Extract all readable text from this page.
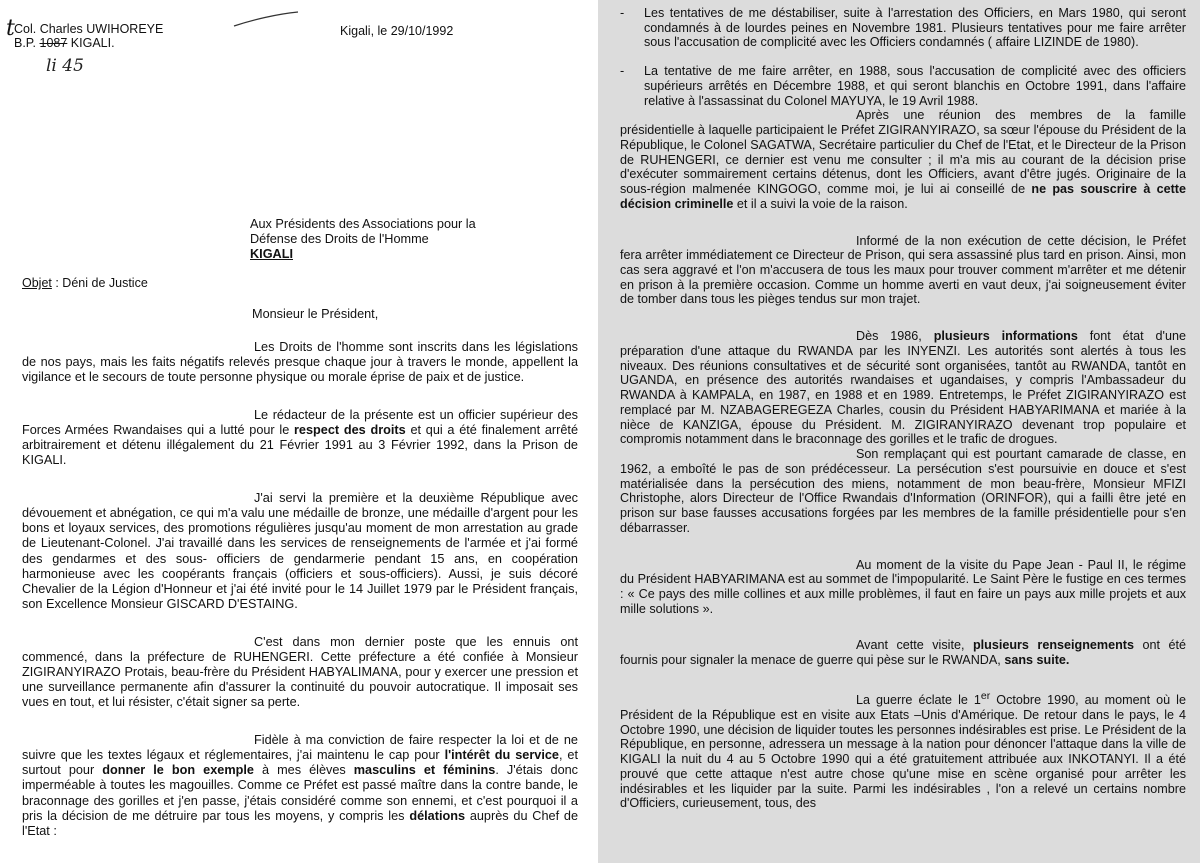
t Col. Charles UWIHOREYE
B.P. 1087 KIGALI.
li 45
Kigali, le 29/10/1992
Aux Présidents des Associations pour la
Défense des Droits de l'Homme
KIGALI
Objet : Déni de Justice
Monsieur le Président,

Les Droits de l'homme sont inscrits dans les législations de nos pays, mais les faits négatifs relevés presque chaque jour à travers le monde, appellent la vigilance et le secours de toute personne physique ou morale éprise de paix et de justice.

Le rédacteur de la présente est un officier supérieur des Forces Armées Rwandaises qui a lutté pour le respect des droits et qui a été finalement arrêté arbitrairement et détenu illégalement du 21 Février 1991 au 3 Février 1992, dans la Prison de KIGALI.

J'ai servi la première et la deuxième République avec dévouement et abnégation, ce qui m'a valu une médaille de bronze, une médaille d'argent pour les bons et loyaux services, des promotions régulières jusqu'au moment de mon arrestation au grade de Lieutenant-Colonel. J'ai travaillé dans les services de renseignements de l'armée et j'ai formé des gendarmes et des sous- officiers de gendarmerie pendant 15 ans, en coopération harmonieuse avec les coopérants français (officiers et sous-officiers). Aussi, je suis décoré Chevalier de la Légion d'Honneur et j'ai été invité pour le 14 Juillet 1979 par le Président français, son Excellence Monsieur GISCARD D'ESTAING.

C'est dans mon dernier poste que les ennuis ont commencé, dans la préfecture de RUHENGERI. Cette préfecture a été confiée à Monsieur ZIGIRANYIRAZO Protais, beau-frère du Président HABYALIMANA, pour y exercer une pression et une surveillance permanente afin d'assurer la continuité du pouvoir autocratique. Il imposait ses vues en tout, et lui résister, c'était signer sa perte.

Fidèle à ma conviction de faire respecter la loi et de ne suivre que les textes légaux et réglementaires, j'ai maintenu le cap pour l'intérêt du service, et surtout pour donner le bon exemple à mes élèves masculins et féminins. J'étais donc imperméable à toutes les magouilles. Comme ce Préfet est passé maître dans la contre bande, le braconnage des gorilles et j'en passe, j'étais considéré comme son ennemi, et c'est pourquoi il a pris la décision de me détruire par tous les moyens, y compris les délations auprès du Chef de l'Etat :

- Les tentatives de me déstabiliser, suite à l'arrestation des Officiers, en Mars 1980, qui seront condamnés à de lourdes peines en Novembre 1981. Plusieurs tentatives pour me faire arrêter sous l'accusation de complicité avec les Officiers condamnés ( affaire LIZINDE de 1980).

- La tentative de me faire arrêter, en 1988, sous l'accusation de complicité avec des officiers supérieurs arrêtés en Décembre 1988, et qui seront blanchis en Octobre 1991, dans l'affaire relative à l'assassinat du Colonel MAYUYA, le 19 Avril 1988.

Après une réunion des membres de la famille présidentielle à laquelle participaient le Préfet ZIGIRANYIRAZO, sa sœur l'épouse du Président de la République, le Colonel SAGATWA, Secrétaire particulier du Chef de l'Etat, et le Directeur de la Prison de RUHENGERI, ce dernier est venu me consulter ; il m'a mis au courant de la décision prise d'exécuter sommairement certains détenus, dont les Officiers, avant d'être jugés. Originaire de la sous-région malmenée KINGOGO, comme moi, je lui ai conseillé de ne pas souscrire à cette décision criminelle et il a suivi la voie de la raison.

Informé de la non exécution de cette décision, le Préfet fera arrêter immédiatement ce Directeur de Prison, qui sera assassiné plus tard en prison. Ainsi, mon cas sera aggravé et l'on m'accusera de tous les maux pour trouver comment m'arrêter et me détenir en prison à la première occasion. Comme un homme averti en vaut deux, j'ai soigneusement éviter de tomber dans tous les pièges tendus sur mon trajet.

Dès 1986, plusieurs informations font état d'une préparation d'une attaque du RWANDA par les INYENZI. Les autorités sont alertés à tous les niveaux. Des réunions consultatives et de sécurité sont organisées, tantôt au RWANDA, tantôt en UGANDA, en présence des autorités rwandaises et ugandaises, y compris l'Ambassadeur du RWANDA à KAMPALA, en 1987, en 1988 et en 1989. Entretemps, le Préfet ZIGIRANYIRAZO est remplacé par M. NZABAGEREGEZA Charles, cousin du Président HABYARIMANA et mariée à la nièce de KANZIGA, épouse du Président. M. ZIGIRANYIRAZO devenant trop populaire et compromis notamment dans le braconnage des gorilles et le trafic de drogues.

Son remplaçant qui est pourtant camarade de classe, en 1962, a emboîté le pas de son prédécesseur. La persécution s'est poursuivie en douce et s'est matérialisée dans la persécution des miens, notamment de mon beau-frère, Monsieur MFIZI Christophe, alors Directeur de l'Office Rwandais d'Information (ORINFOR), qui a failli être jeté en prison sur base fausses accusations forgées par les membres de la famille présidentielle pour s'en débarrasser.

Au moment de la visite du Pape Jean - Paul II, le régime du Président HABYARIMANA est au sommet de l'impopularité. Le Saint Père le fustige en ces termes : « Ce pays des mille collines et aux mille problèmes, il faut en faire un pays aux mille projets et aux mille solutions ».

Avant cette visite, plusieurs renseignements ont été fournis pour signaler la menace de guerre qui pèse sur le RWANDA, sans suite.

La guerre éclate le 1er Octobre 1990, au moment où le Président de la République est en visite aux Etats –Unis d'Amérique. De retour dans le pays, le 4 Octobre 1990, une décision de liquider toutes les personnes indésirables est prise. Le Président de la République, en personne, adressera un message à la nation pour dénoncer l'attaque dans la ville de KIGALI la nuit du 4 au 5 Octobre 1990 qui a été gratuitement attribuée aux INKOTANYI. Il a été prouvé que cette attaque n'est autre chose qu'une mise en scène organisé pour arrêter les indésirables et les liquider par la suite. Parmi les indésirables , l'on a relevé un certains nombre d'Officiers, curieusement, tous, des
